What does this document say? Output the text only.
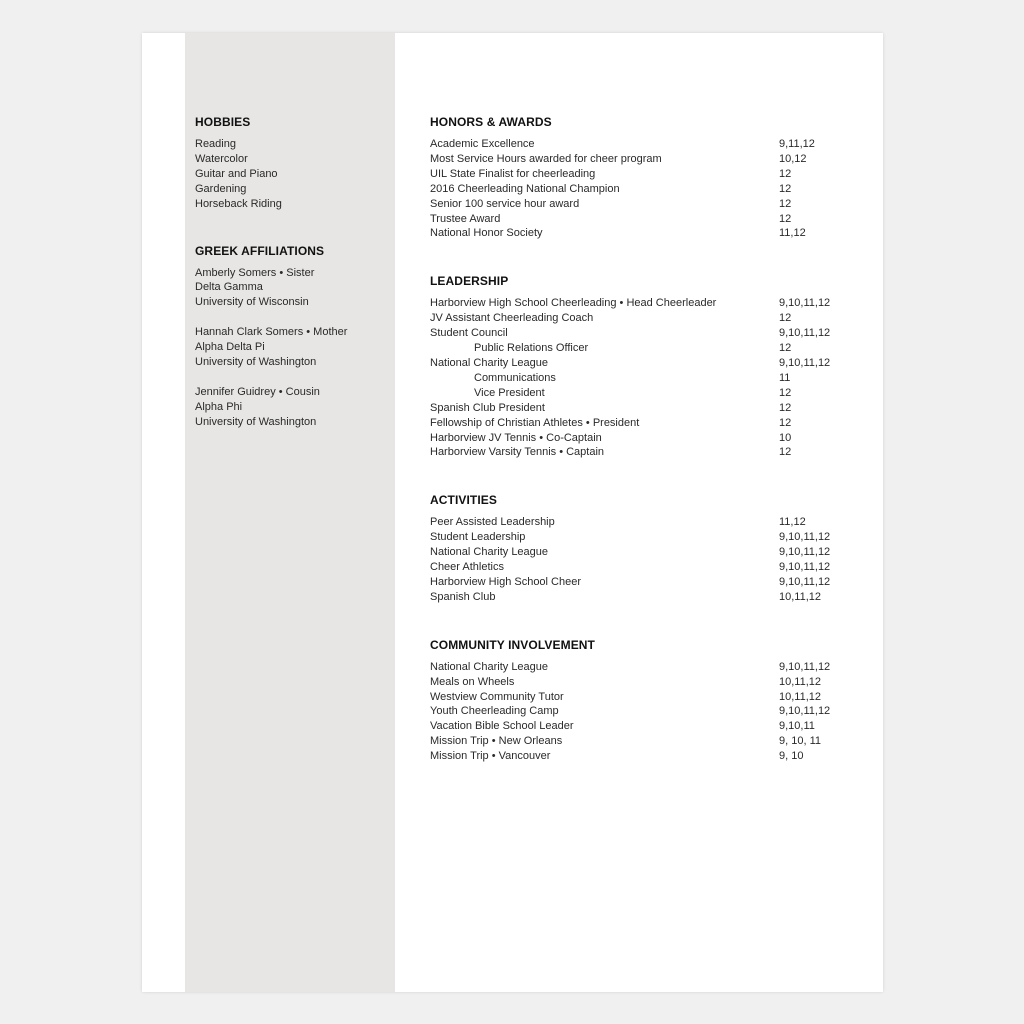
HOBBIES
Reading
Watercolor
Guitar and Piano
Gardening
Horseback Riding
GREEK AFFILIATIONS
Amberly Somers • Sister
Delta Gamma
University of Wisconsin
Hannah Clark Somers • Mother
Alpha Delta Pi
University of Washington
Jennifer Guidrey • Cousin
Alpha Phi
University of Washington
HONORS & AWARDS
Academic Excellence	9,11,12
Most Service Hours awarded for cheer program	10,12
UIL State Finalist for cheerleading	12
2016 Cheerleading National Champion	12
Senior 100 service hour award	12
Trustee Award	12
National Honor Society	11,12
LEADERSHIP
Harborview High School Cheerleading • Head Cheerleader	9,10,11,12
JV Assistant Cheerleading Coach	12
Student Council	9,10,11,12
Public Relations Officer	12
National Charity League	9,10,11,12
Communications	11
Vice President	12
Spanish Club President	12
Fellowship of Christian Athletes • President	12
Harborview JV Tennis • Co-Captain	10
Harborview Varsity Tennis • Captain	12
ACTIVITIES
Peer Assisted Leadership	11,12
Student Leadership	9,10,11,12
National Charity League	9,10,11,12
Cheer Athletics	9,10,11,12
Harborview High School Cheer	9,10,11,12
Spanish Club	10,11,12
COMMUNITY INVOLVEMENT
National Charity League	9,10,11,12
Meals on Wheels	10,11,12
Westview Community Tutor	10,11,12
Youth Cheerleading Camp	9,10,11,12
Vacation Bible School Leader	9,10,11
Mission Trip • New Orleans	9, 10, 11
Mission Trip • Vancouver	9, 10
